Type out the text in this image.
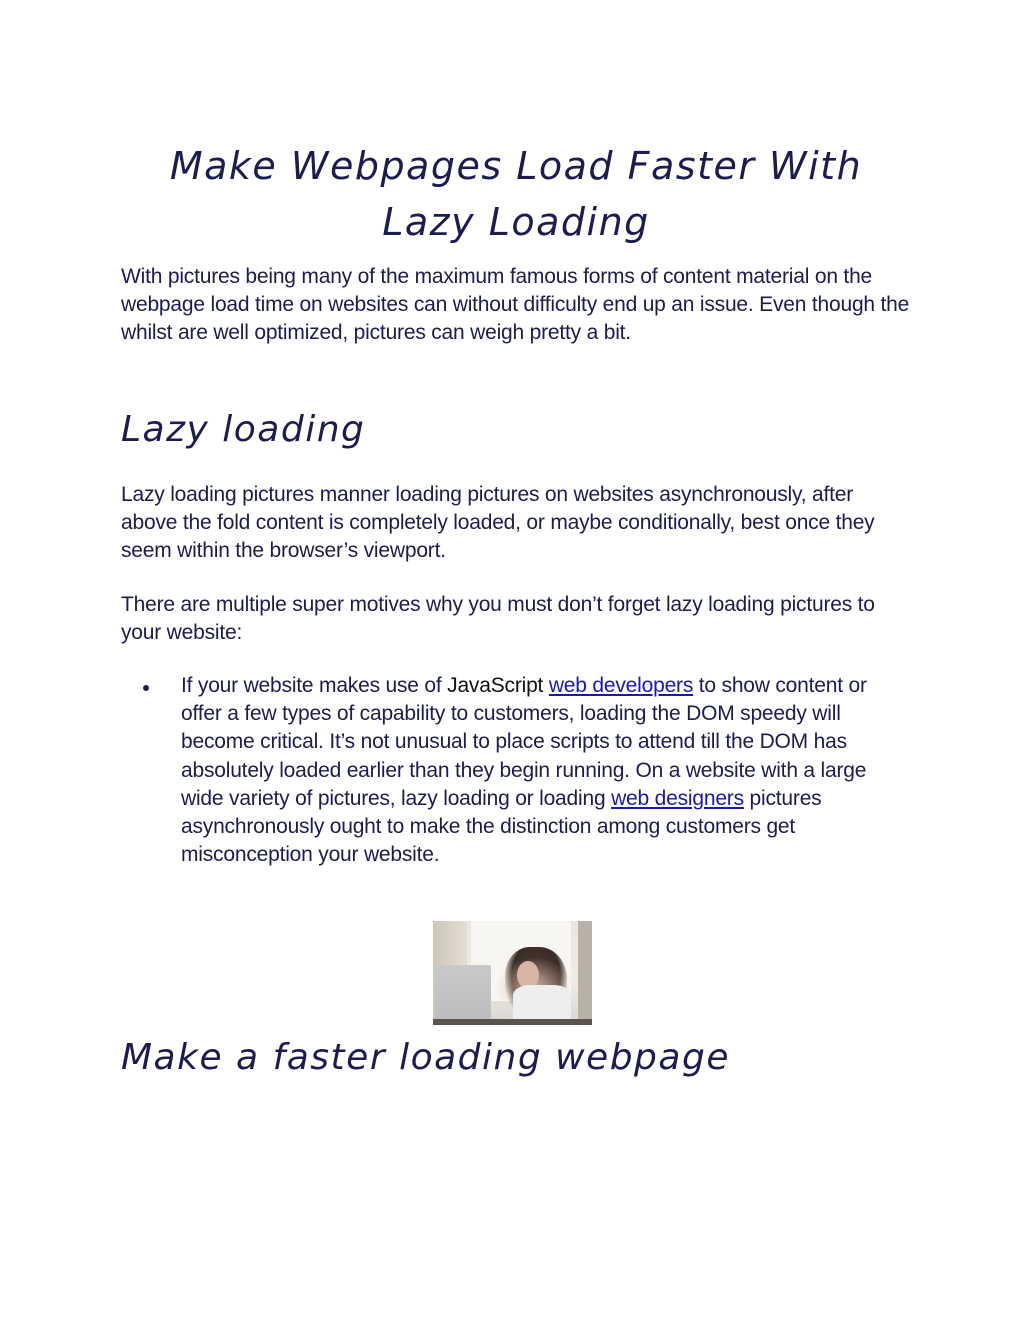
Make Webpages Load Faster With Lazy Loading

With pictures being many of the maximum famous forms of content material on the webpage load time on websites can without difficulty end up an issue. Even though the whilst are well optimized, pictures can weigh pretty a bit.

Lazy loading

Lazy loading pictures manner loading pictures on websites asynchronously, after above the fold content is completely loaded, or maybe conditionally, best once they seem within the browser’s viewport.

There are multiple super motives why you must don’t forget lazy loading pictures to your website:

If your website makes use of JavaScript web developers to show content or offer a few types of capability to customers, loading the DOM speedy will become critical. It’s not unusual to place scripts to attend till the DOM has absolutely loaded earlier than they begin running. On a website with a large wide variety of pictures, lazy loading or loading web designers pictures asynchronously ought to make the distinction among customers get misconception your website.
Make a faster loading webpage
